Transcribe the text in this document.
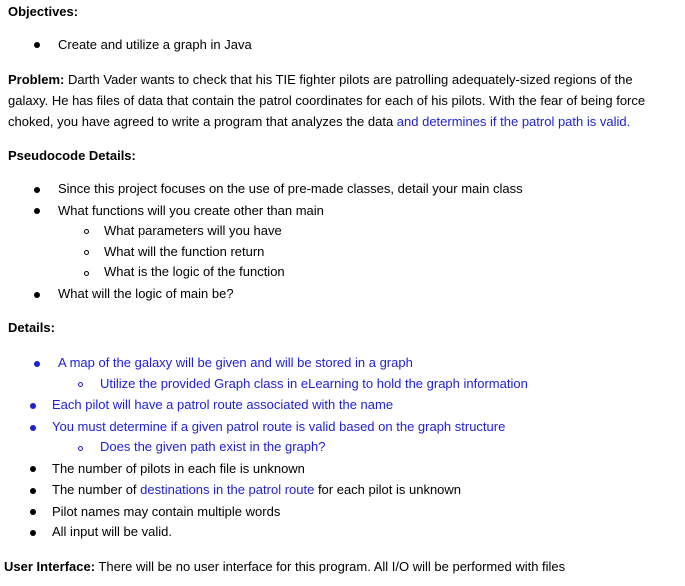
Objectives:
Create and utilize a graph in Java
Problem: Darth Vader wants to check that his TIE fighter pilots are patrolling adequately-sized regions of the
galaxy. He has files of data that contain the patrol coordinates for each of his pilots. With the fear of being force
choked, you have agreed to write a program that analyzes the data and determines if the patrol path is valid.
Pseudocode Details:
Since this project focuses on the use of pre-made classes, detail your main class
What functions will you create other than main
What parameters will you have
What will the function return
What is the logic of the function
What will the logic of main be?
Details:
A map of the galaxy will be given and will be stored in a graph
Utilize the provided Graph class in eLearning to hold the graph information
Each pilot will have a patrol route associated with the name
You must determine if a given patrol route is valid based on the graph structure
Does the given path exist in the graph?
The number of pilots in each file is unknown
The number of destinations in the patrol route for each pilot is unknown
Pilot names may contain multiple words
All input will be valid.
User Interface: There will be no user interface for this program. All I/O will be performed with files
